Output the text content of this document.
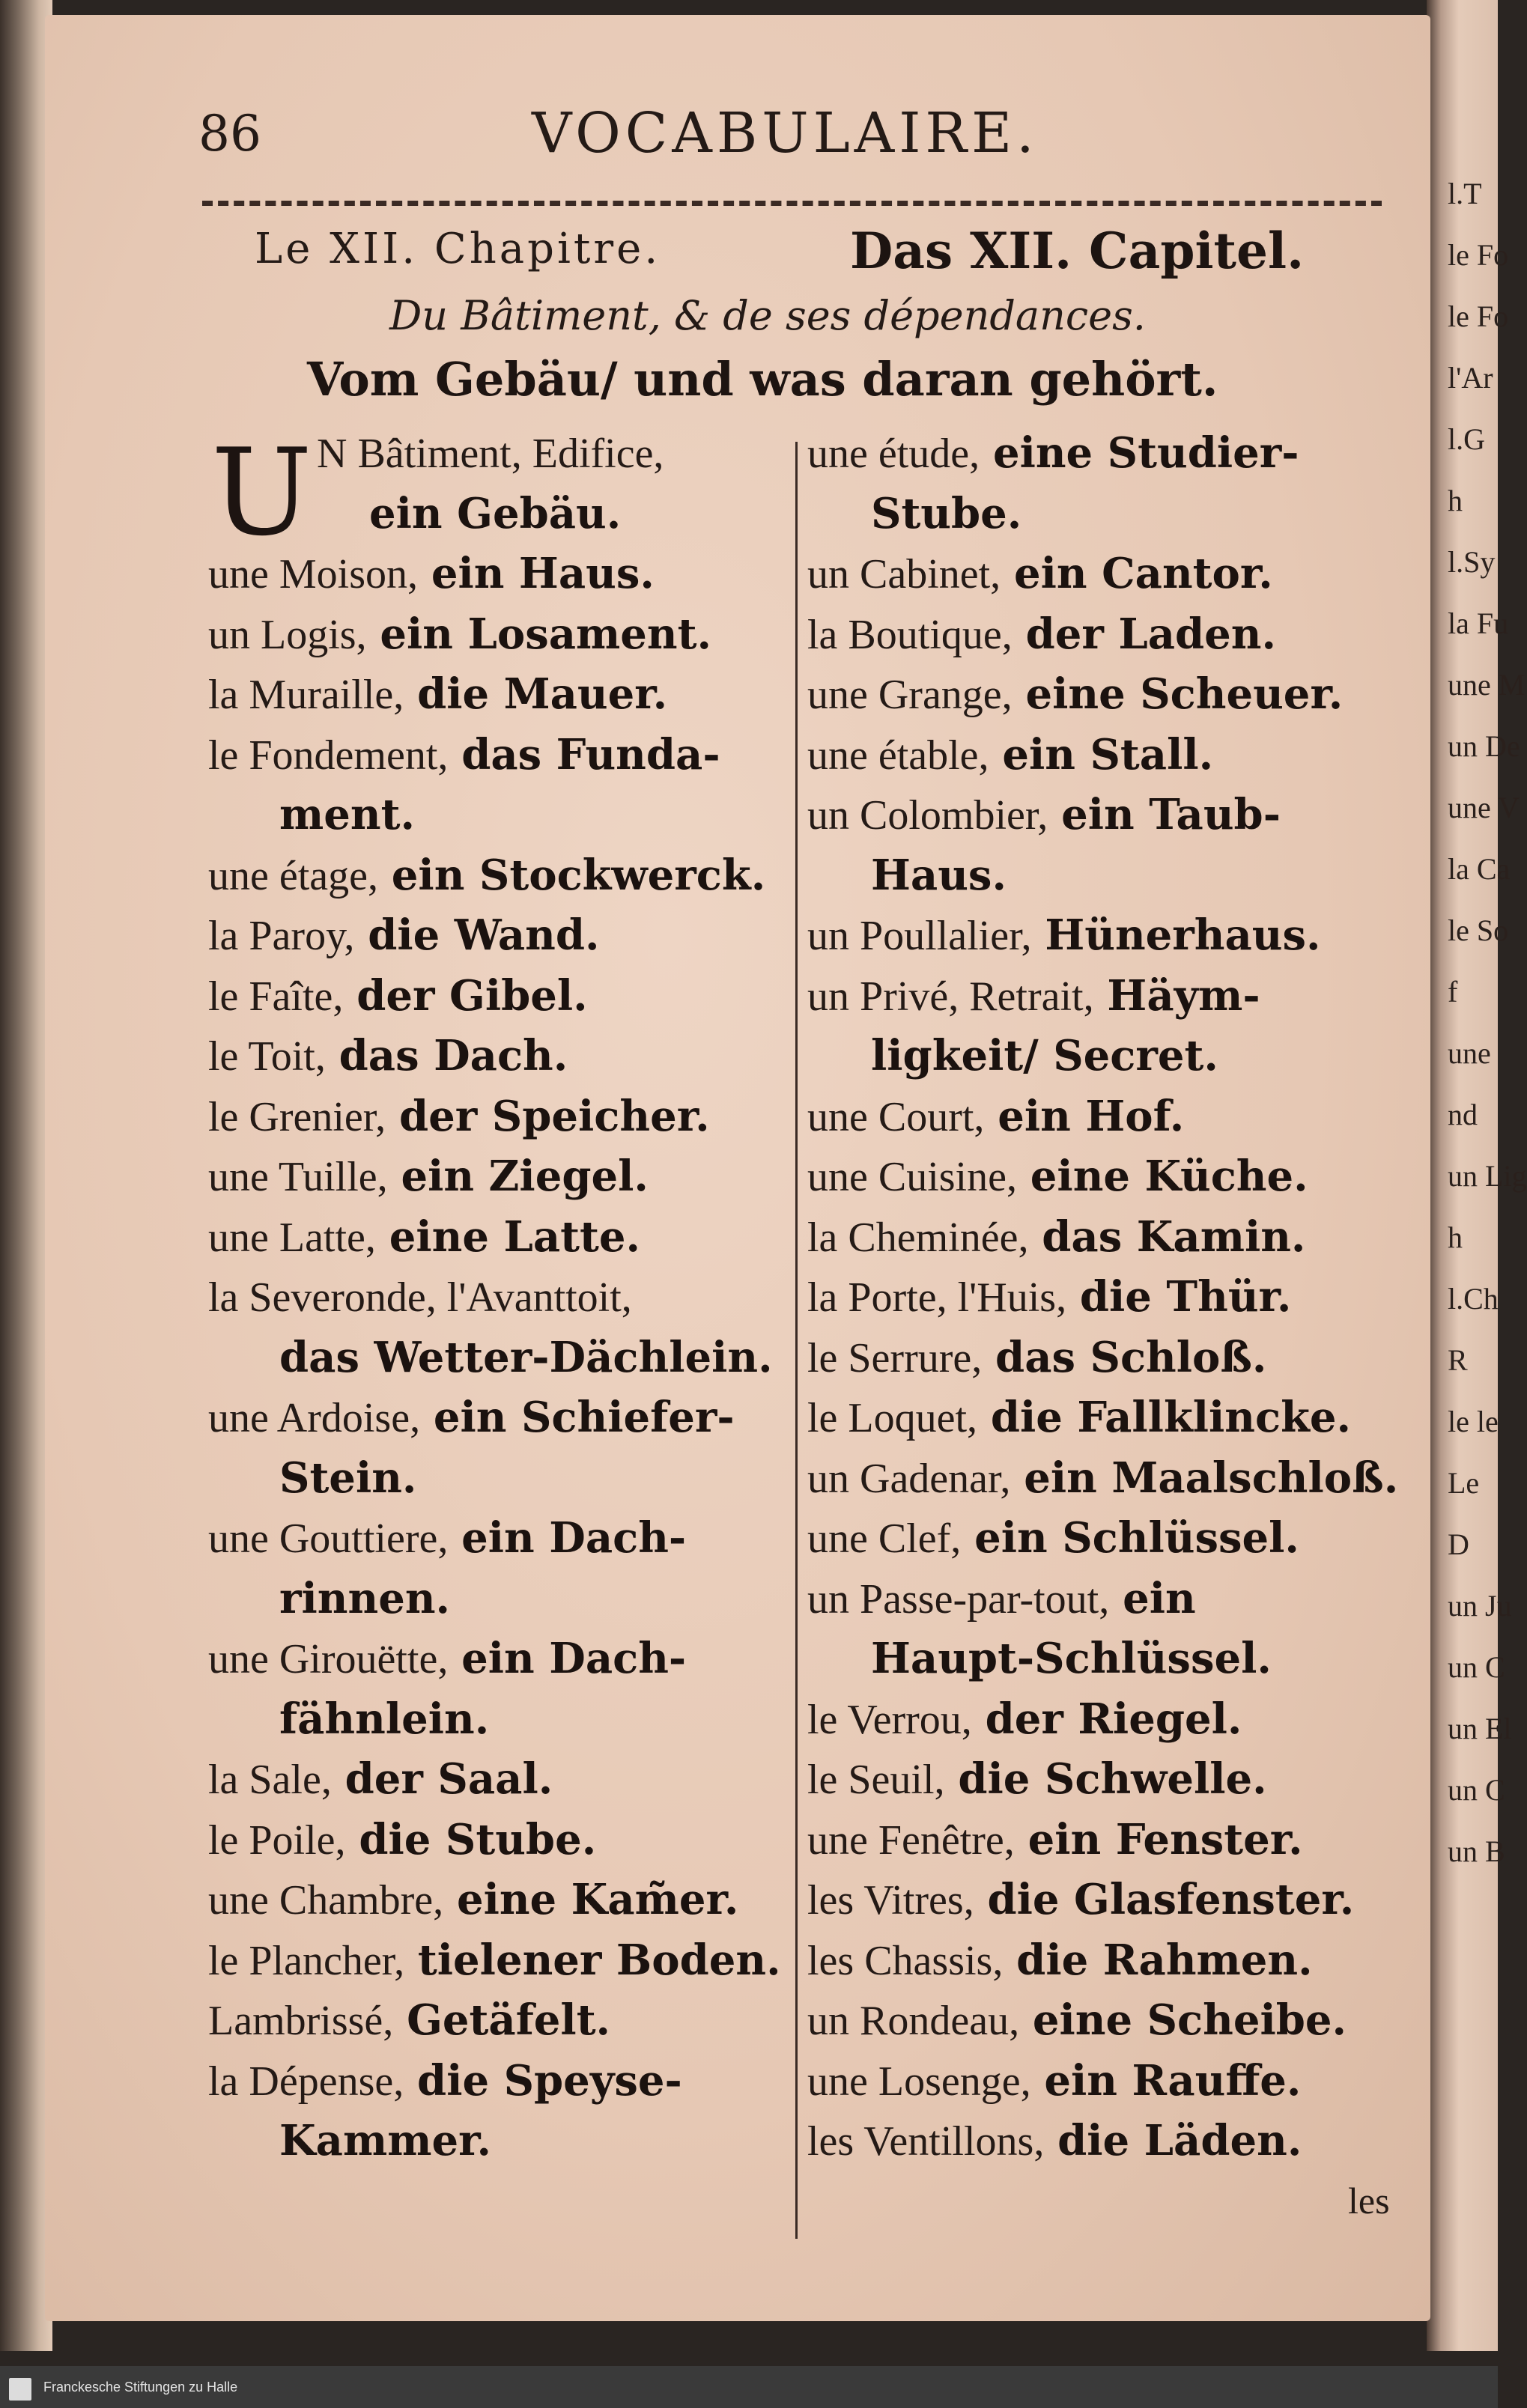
l.T
le Fo
le Fo
l'Ar
l.G
h
l.Sy
la Fu
une M
un De
une V
la Ca
le So
f
une
nd
un Lig
h
l.Ch
R
le le
Le
D
un Ju
un C
un El
un C
un B
86	VOCABULAIRE.
Le XII. Chapitre.	Das XII. Capitel.
Du Bâtiment, & de ses dépendances.
Vom Gebäu/ und was daran gehört.
U N Bâtiment, Edifice,
ein Gebäu.
une Moison, ein Haus.
un Logis, ein Losament.
la Muraille, die Mauer.
le Fondement, das Funda-
ment.
une étage, ein Stockwerck.
la Paroy, die Wand.
le Faîte, der Gibel.
le Toit, das Dach.
le Grenier, der Speicher.
une Tuille, ein Ziegel.
une Latte, eine Latte.
la Severonde, l'Avanttoit,
das Wetter-Dächlein.
une Ardoise, ein Schiefer-
Stein.
une Gouttiere, ein Dach-
rinnen.
une Girouëtte, ein Dach-
fähnlein.
la Sale, der Saal.
le Poile, die Stube.
une Chambre, eine Kam̃er.
le Plancher, tielener Boden.
Lambrissé, Getäfelt.
la Dépense, die Speyse-
Kammer.
une étude, eine Studier-
Stube.
un Cabinet, ein Cantor.
la Boutique, der Laden.
une Grange, eine Scheuer.
une étable, ein Stall.
un Colombier, ein Taub-
Haus.
un Poullalier, Hünerhaus.
un Privé, Retrait, Häym-
ligkeit/ Secret.
une Court, ein Hof.
une Cuisine, eine Küche.
la Cheminée, das Kamin.
la Porte, l'Huis, die Thür.
le Serrure, das Schloß.
le Loquet, die Fallklincke.
un Gadenar, ein Maalschloß.
une Clef, ein Schlüssel.
un Passe-par-tout, ein
Haupt-Schlüssel.
le Verrou, der Riegel.
le Seuil, die Schwelle.
une Fenêtre, ein Fenster.
les Vitres, die Glasfenster.
les Chassis, die Rahmen.
un Rondeau, eine Scheibe.
une Losenge, ein Rauffe.
les Ventillons, die Läden.
les
Franckesche Stiftungen zu Halle
